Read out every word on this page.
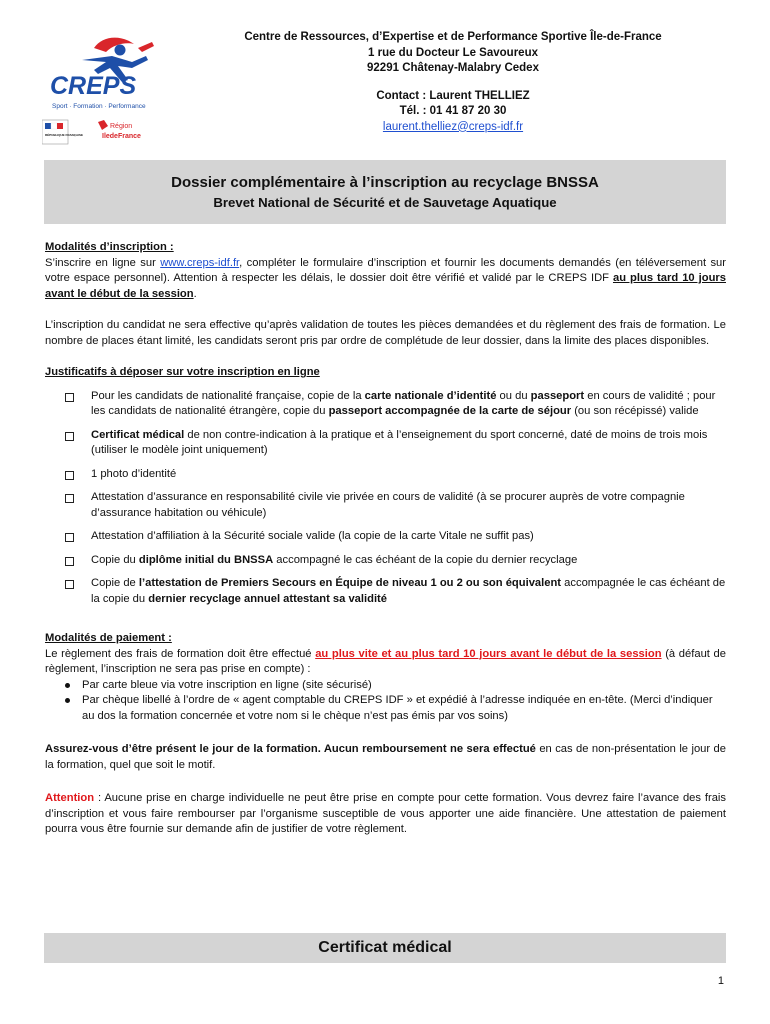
CREPS
Sport · Formation · Performance
RÉPUBLIQUE FRANÇAISE
Région
IledeFrance
Centre de Ressources, d’Expertise et de Performance Sportive Île-de-France
1 rue du Docteur Le Savoureux
92291 Châtenay-Malabry Cedex
Contact : Laurent THELLIEZ
Tél. : 01 41 87 20 30
laurent.thelliez@creps-idf.fr
Dossier complémentaire à l’inscription au recyclage BNSSA
Brevet National de Sécurité et de Sauvetage Aquatique

Modalités d’inscription :

S’inscrire en ligne sur www.creps-idf.fr, compléter le formulaire d’inscription et fournir les documents demandés (en téléversement sur votre espace personnel). Attention à respecter les délais, le dossier doit être vérifié et validé par le CREPS IDF au plus tard 10 jours avant le début de la session.

L’inscription du candidat ne sera effective qu’après validation de toutes les pièces demandées et du règlement des frais de formation. Le nombre de places étant limité, les candidats seront pris par ordre de complétude de leur dossier, dans la limite des places disponibles.

Justificatifs à déposer sur votre inscription en ligne

Pour les candidats de nationalité française, copie de la carte nationale d’identité ou du passeport en cours de validité ; pour les candidats de nationalité étrangère, copie du passeport accompagnée de la carte de séjour (ou son récépissé) valide
Certificat médical de non contre-indication à la pratique et à l’enseignement du sport concerné, daté de moins de trois mois (utiliser le modèle joint uniquement)
1 photo d’identité
Attestation d’assurance en responsabilité civile vie privée en cours de validité (à se procurer auprès de votre compagnie d’assurance habitation ou véhicule)
Attestation d’affiliation à la Sécurité sociale valide (la copie de la carte Vitale ne suffit pas)
Copie du diplôme initial du BNSSA accompagné le cas échéant de la copie du dernier recyclage
Copie de l’attestation de Premiers Secours en Équipe de niveau 1 ou 2 ou son équivalent accompagnée le cas échéant de la copie du dernier recyclage annuel attestant sa validité

Modalités de paiement :

Le règlement des frais de formation doit être effectué au plus vite et au plus tard 10 jours avant le début de la session (à défaut de règlement, l’inscription ne sera pas prise en compte) :

Par carte bleue via votre inscription en ligne (site sécurisé)
Par chèque libellé à l’ordre de « agent comptable du CREPS IDF » et expédié à l’adresse indiquée en en-tête. (Merci d’indiquer au dos la formation concernée et votre nom si le chèque n’est pas émis par vos soins)

Assurez-vous d’être présent le jour de la formation. Aucun remboursement ne sera effectué en cas de non-présentation le jour de la formation, quel que soit le motif.

Attention : Aucune prise en charge individuelle ne peut être prise en compte pour cette formation. Vous devrez faire l’avance des frais d’inscription et vous faire rembourser par l’organisme susceptible de vous apporter une aide financière. Une attestation de paiement pourra vous être fournie sur demande afin de justifier de votre règlement.

Certificat médical
1
